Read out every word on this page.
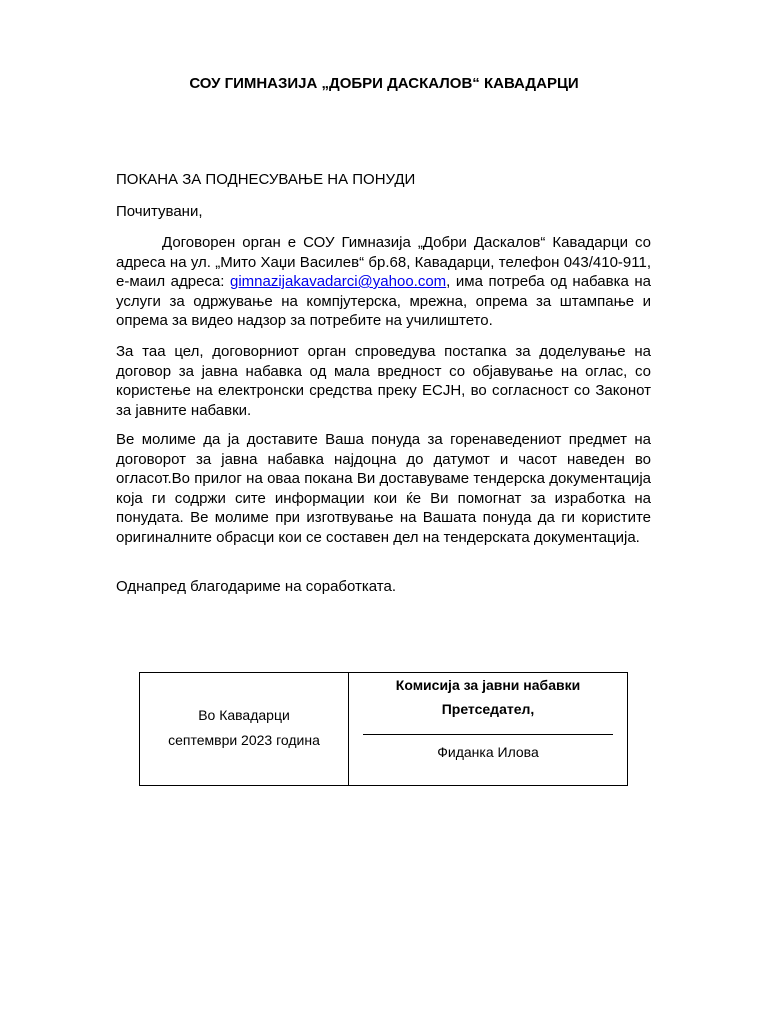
СОУ ГИМНАЗИЈА „ДОБРИ ДАСКАЛОВ“ КАВАДАРЦИ
ПОКАНА ЗА ПОДНЕСУВАЊЕ НА ПОНУДИ
Почитувани,
Договорен орган е СОУ Гимназија „Добри Даскалов“ Кавадарци со адреса на ул. „Мито Хаџи Василев“ бр.68, Кавадарци, телефон 043/410-911, е-маил адреса: gimnazijakavadarci@yahoo.com, има потреба од набавка на услуги за одржување на компјутерска, мрежна, опрема за штампање и опрема за видео надзор за потребите на училиштето.
За таа цел, договорниот орган спроведува постапка за доделување на договор за јавна набавка од мала вредност со објавување на оглас, со користење на електронски средства преку ЕСЈН, во согласност со Законот за јавните набавки.
Ве молиме да ја доставите Ваша понуда за горенаведениот предмет на договорот за јавна набавка најдоцна до датумот и часот наведен во огласот.Во прилог на оваа покана Ви доставуваме тендерска документација која ги содржи сите информации кои ќе Ви помогнат за изработка на понудата. Ве молиме при изготвување на Вашата понуда да ги користите оригиналните обрасци кои се составен дел на тендерската документација.
Однапред благодариме на соработката.
Во Кавадарци
септември 2023 година

Комисија за јавни набавки
Претседател,
Фиданка Илова
